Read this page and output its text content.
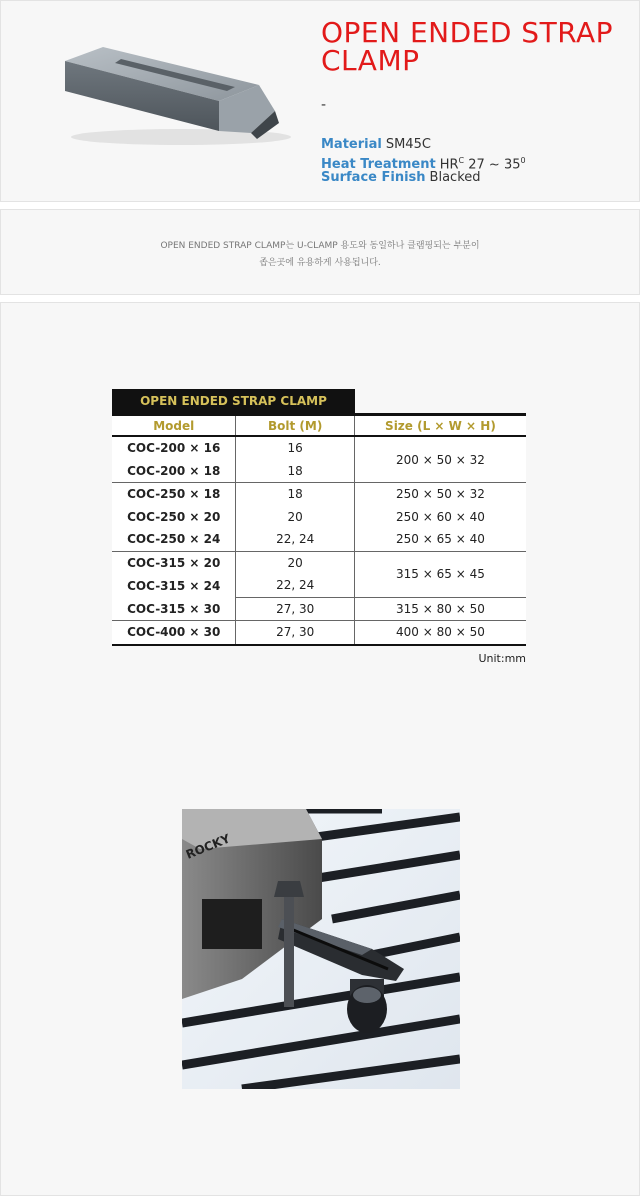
OPEN ENDED STRAP
CLAMP
-
Material SM45C
Heat Treatment $HR^C$ 27 ~ $35^0$
Surface Finish Blacked
OPEN ENDED STRAP CLAMP는 U-CLAMP 용도와 동일하나 클램핑되는 부분이
좁은곳에 유용하게 사용됩니다.
OPEN ENDED STRAP CLAMP
Model	Bolt (M)	Size (L × W × H)
COC-200 × 16	16	200 × 50 × 32
COC-200 × 18	18	
COC-250 × 18	18	250 × 50 × 32
COC-250 × 20	20	250 × 60 × 40
COC-250 × 24	22, 24	250 × 65 × 40
COC-315 × 20	20	315 × 65 × 45
COC-315 × 24	22, 24	
COC-315 × 30	27, 30	315 × 80 × 50
COC-400 × 30	27, 30	400 × 80 × 50
Unit:mm
ROCKY
